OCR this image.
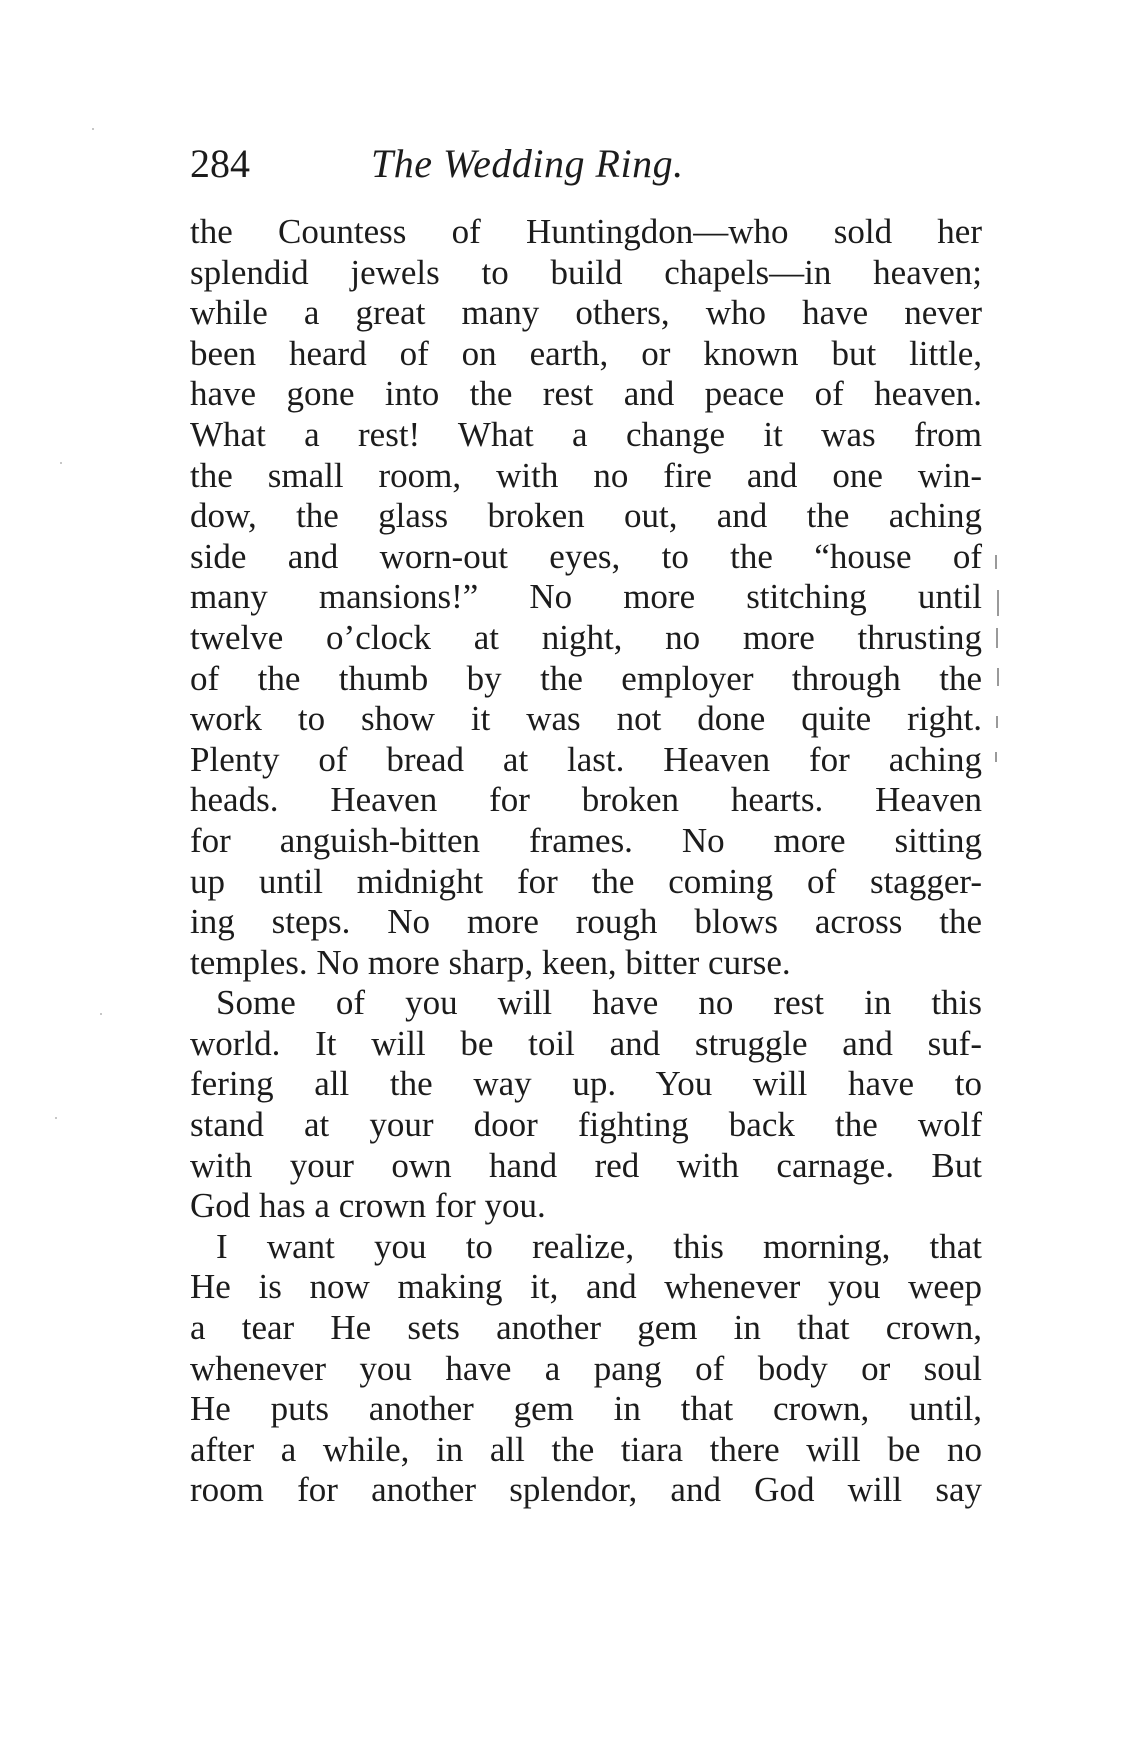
284	The Wedding Ring.
the Countess of Huntingdon—who sold her
splendid jewels to build chapels—in heaven;
while a great many others, who have never
been heard of on earth, or known but little,
have gone into the rest and peace of heaven.
What a rest! What a change it was from
the small room, with no fire and one win-
dow, the glass broken out, and the aching
side and worn-out eyes, to the “house of
many mansions!” No more stitching until
twelve o’clock at night, no more thrusting
of the thumb by the employer through the
work to show it was not done quite right.
Plenty of bread at last. Heaven for aching
heads. Heaven for broken hearts. Heaven
for anguish-bitten frames. No more sitting
up until midnight for the coming of stagger-
ing steps. No more rough blows across the
temples. No more sharp, keen, bitter curse.
Some of you will have no rest in this
world. It will be toil and struggle and suf-
fering all the way up. You will have to
stand at your door fighting back the wolf
with your own hand red with carnage. But
God has a crown for you.
I want you to realize, this morning, that
He is now making it, and whenever you weep
a tear He sets another gem in that crown,
whenever you have a pang of body or soul
He puts another gem in that crown, until,
after a while, in all the tiara there will be no
room for another splendor, and God will say
